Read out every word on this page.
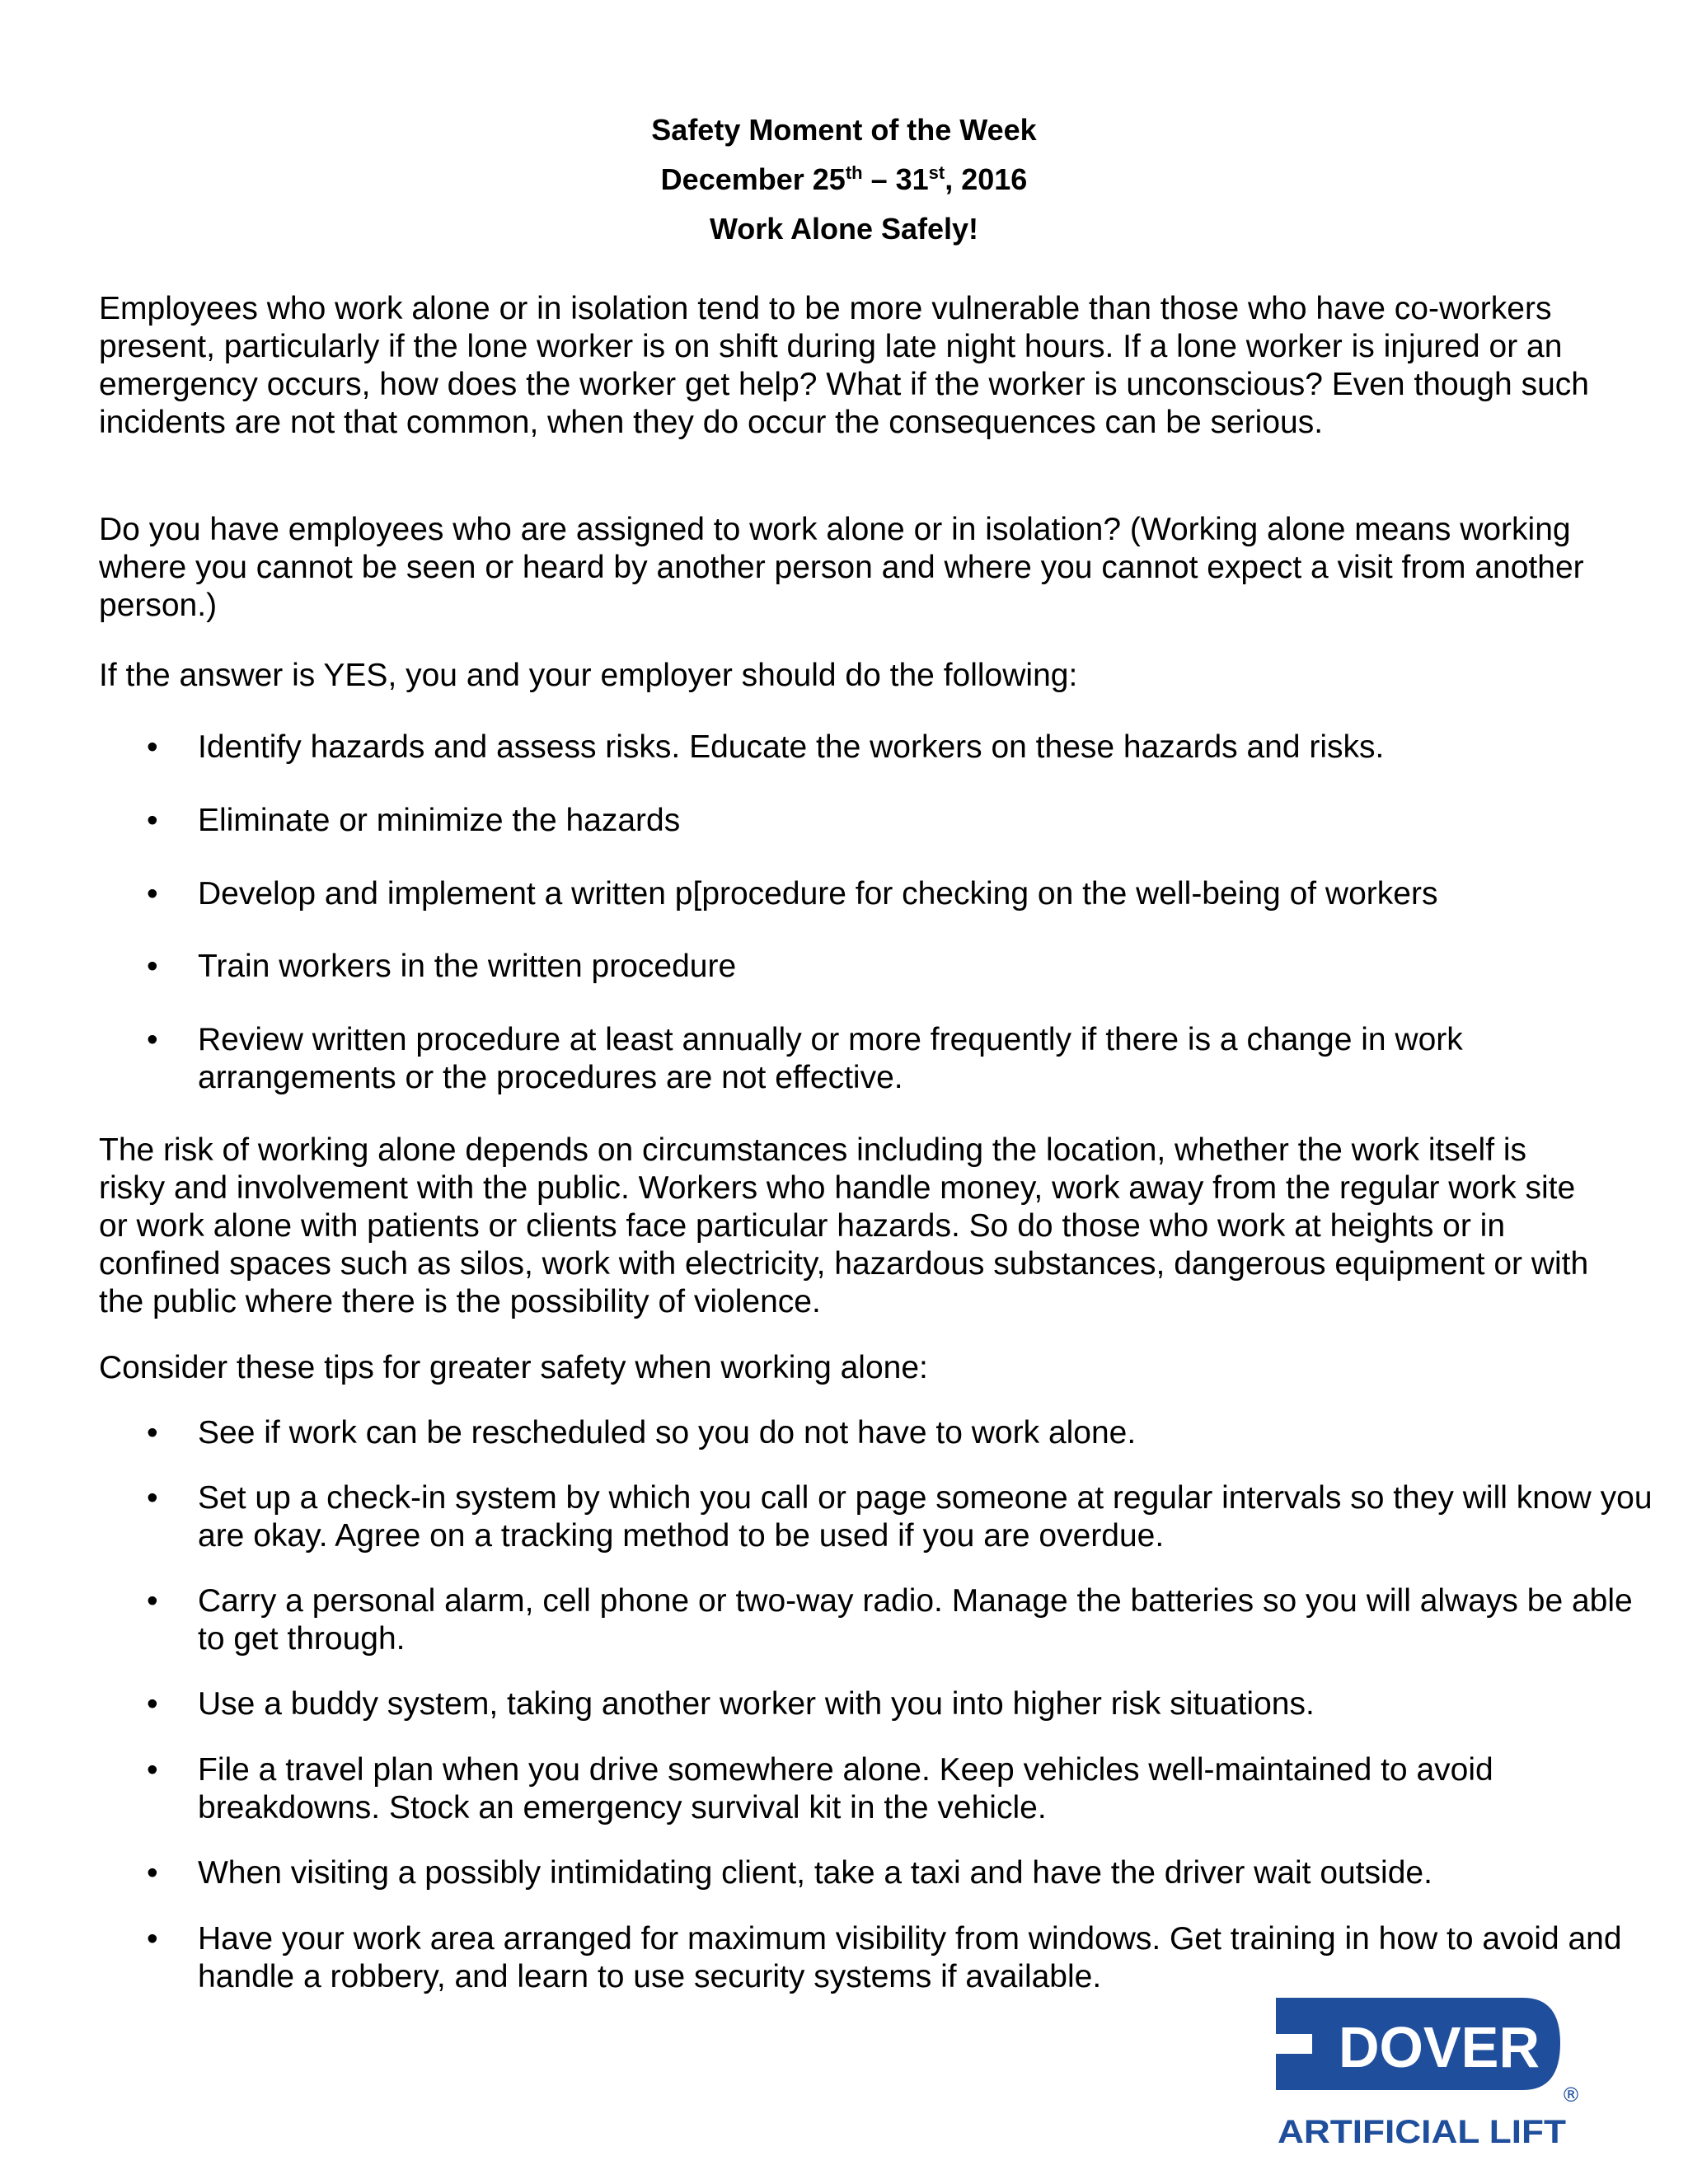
Safety Moment of the Week
December 25th – 31st, 2016
Work Alone Safely!

Employees who work alone or in isolation tend to be more vulnerable than those who have co-workers present, particularly if the lone worker is on shift during late night hours. If a lone worker is injured or an emergency occurs, how does the worker get help? What if the worker is unconscious? Even though such incidents are not that common, when they do occur the consequences can be serious.

Do you have employees who are assigned to work alone or in isolation? (Working alone means working where you cannot be seen or heard by another person and where you cannot expect a visit from another person.)

If the answer is YES, you and your employer should do the following:

• Identify hazards and assess risks. Educate the workers on these hazards and risks.
• Eliminate or minimize the hazards
• Develop and implement a written p[procedure for checking on the well-being of workers
• Train workers in the written procedure
• Review written procedure at least annually or more frequently if there is a change in work arrangements or the procedures are not effective.

The risk of working alone depends on circumstances including the location, whether the work itself is risky and involvement with the public. Workers who handle money, work away from the regular work site or work alone with patients or clients face particular hazards. So do those who work at heights or in confined spaces such as silos, work with electricity, hazardous substances, dangerous equipment or with the public where there is the possibility of violence.

Consider these tips for greater safety when working alone:

• See if work can be rescheduled so you do not have to work alone.
• Set up a check-in system by which you call or page someone at regular intervals so they will know you are okay. Agree on a tracking method to be used if you are overdue.
• Carry a personal alarm, cell phone or two-way radio. Manage the batteries so you will always be able to get through.
• Use a buddy system, taking another worker with you into higher risk situations.
• File a travel plan when you drive somewhere alone. Keep vehicles well-maintained to avoid breakdowns. Stock an emergency survival kit in the vehicle.
• When visiting a possibly intimidating client, take a taxi and have the driver wait outside.
• Have your work area arranged for maximum visibility from windows. Get training in how to avoid and handle a robbery, and learn to use security systems if available.
DOVER
®
ARTIFICIAL LIFT
